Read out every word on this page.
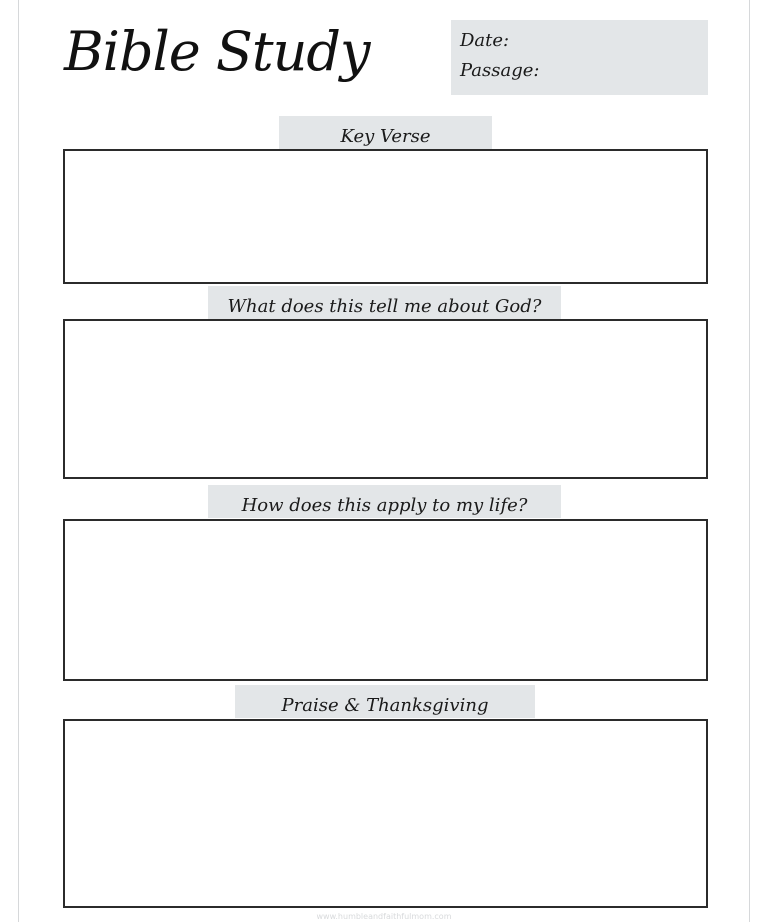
Bible Study	Date:
Passage:
Key Verse
What does this tell me about God?
How does this apply to my life?
Praise & Thanksgiving
www.humbleandfaithfulmom.com
